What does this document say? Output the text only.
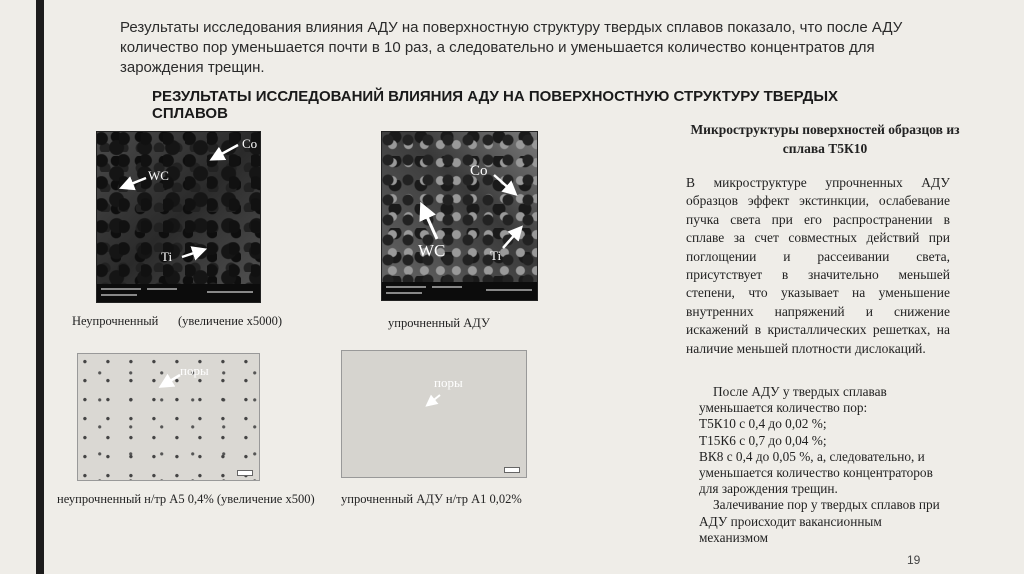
Результаты исследования влияния АДУ на поверхностную структуру твердых сплавов показало, что после АДУ количество пор уменьшается почти в 10 раз, а следовательно и уменьшается количество концентратов для зарождения трещин.
РЕЗУЛЬТАТЫ ИССЛЕДОВАНИЙ ВЛИЯНИЯ АДУ НА ПОВЕРХНОСТНУЮ СТРУКТУРУ ТВЕРДЫХ СПЛАВОВ
Co
WC
Ti
Co
WC	Ti
Неупрочненный (увеличение x5000)	упрочненный АДУ
поры
поры
неупрочненный н/тр А5 0,4% (увеличение x500) упрочненный АДУ н/тр А1 0,02%
Микроструктуры поверхностей образцов из сплава Т5К10
В микроструктуре упрочненных АДУ образцов эффект экстинкции, ослабевание пучка света при его распространении в сплаве за счет совместных действий при поглощении и рассеивании света, присутствует в значительно меньшей степени, что указывает на уменьшение внутренних напряжений и снижение искажений в кристаллических решетках, на наличие меньшей плотности дислокаций.
После АДУ у твердых сплавав уменьшается количество пор:
Т5К10 с 0,4 до 0,02 %;
Т15К6 с 0,7 до 0,04 %;
ВК8 с 0,4 до 0,05 %, а, следовательно, и уменьшается количество концентраторов для зарождения трещин.
Залечивание пор у твердых сплавов при АДУ происходит вакансионным механизмом
19
